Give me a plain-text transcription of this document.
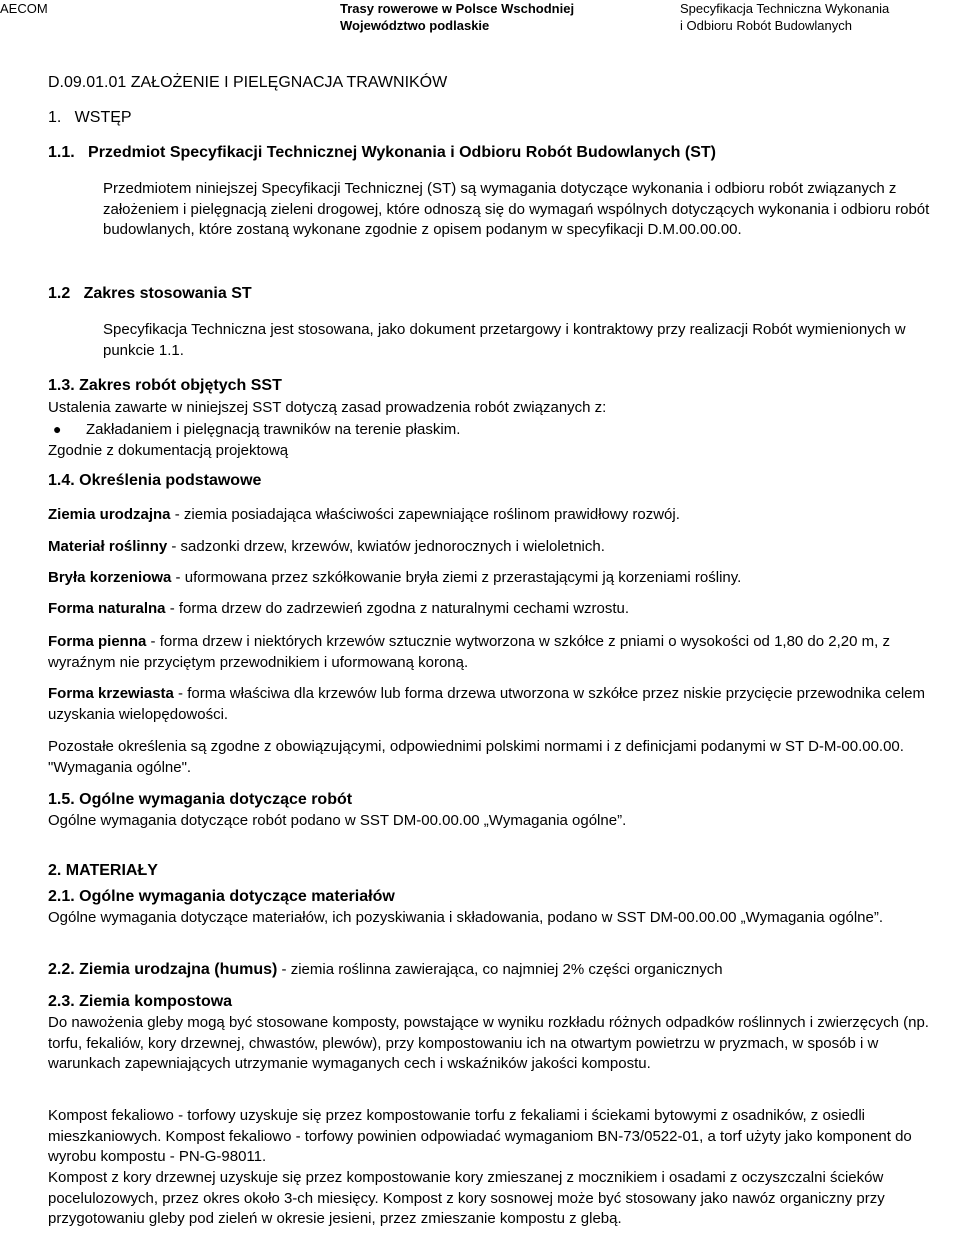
AECOM	Trasy rowerowe w Polsce Wschodniej
Województwo podlaskie
Specyfikacja Techniczna Wykonania
i Odbioru Robót Budowlanych
D.09.01.01 ZAŁOŻENIE I PIELĘGNACJA TRAWNIKÓW
1.   WSTĘP
1.1.   Przedmiot Specyfikacji Technicznej Wykonania i Odbioru Robót Budowlanych (ST)
Przedmiotem niniejszej Specyfikacji Technicznej (ST) są wymagania dotyczące wykonania i odbioru robót związanych z założeniem i pielęgnacją zieleni drogowej, które odnoszą się do wymagań wspólnych dotyczących wykonania i odbioru robót budowlanych, które zostaną wykonane zgodnie z opisem podanym w specyfikacji D.M.00.00.00.
1.2   Zakres stosowania ST
Specyfikacja Techniczna jest stosowana, jako dokument przetargowy i kontraktowy przy realizacji Robót wymienionych w punkcie 1.1.
1.3. Zakres robót objętych SST
Ustalenia zawarte w niniejszej SST dotyczą zasad prowadzenia robót związanych z:
● Zakładaniem i pielęgnacją trawników na terenie płaskim.
Zgodnie z dokumentacją projektową
1.4. Określenia podstawowe
Ziemia urodzajna - ziemia posiadająca właściwości zapewniające roślinom prawidłowy rozwój.
Materiał roślinny - sadzonki drzew, krzewów, kwiatów jednorocznych i wieloletnich.
Bryła korzeniowa - uformowana przez szkółkowanie bryła ziemi z przerastającymi ją korzeniami rośliny.
Forma naturalna - forma drzew do zadrzewień zgodna z naturalnymi cechami wzrostu.
Forma pienna - forma drzew i niektórych krzewów sztucznie wytworzona w szkółce z pniami o wysokości od 1,80 do 2,20 m, z wyraźnym nie przyciętym przewodnikiem i uformowaną koroną.
Forma krzewiasta - forma właściwa dla krzewów lub forma drzewa utworzona w szkółce przez niskie przycięcie przewodnika celem uzyskania wielopędowości.
Pozostałe określenia są zgodne z obowiązującymi, odpowiednimi polskimi normami i z definicjami podanymi w ST D-M-00.00.00. "Wymagania ogólne".
1.5. Ogólne wymagania dotyczące robót
Ogólne wymagania dotyczące robót podano w SST DM-00.00.00 „Wymagania ogólne”.
2. MATERIAŁY
2.1. Ogólne wymagania dotyczące materiałów
Ogólne wymagania dotyczące materiałów, ich pozyskiwania i składowania, podano w SST DM-00.00.00 „Wymagania ogólne”.
2.2. Ziemia urodzajna (humus) - ziemia roślinna zawierająca, co najmniej 2% części organicznych
2.3. Ziemia kompostowa
Do nawożenia gleby mogą być stosowane komposty, powstające w wyniku rozkładu różnych odpadków roślinnych i zwierzęcych (np. torfu, fekaliów, kory drzewnej, chwastów, plewów), przy kompostowaniu ich na otwartym powietrzu w pryzmach, w sposób i w warunkach zapewniających utrzymanie wymaganych cech i wskaźników jakości kompostu.
Kompost fekaliowo - torfowy uzyskuje się przez kompostowanie torfu z fekaliami i ściekami bytowymi z osadników, z osiedli mieszkaniowych. Kompost fekaliowo - torfowy powinien odpowiadać wymaganiom BN-73/0522-01, a torf użyty jako komponent do wyrobu kompostu - PN-G-98011.
Kompost z kory drzewnej uzyskuje się przez kompostowanie kory zmieszanej z mocznikiem i osadami z oczyszczalni ścieków pocelulozowych, przez okres około 3-ch miesięcy. Kompost z kory sosnowej może być stosowany jako nawóz organiczny przy przygotowaniu gleby pod zieleń w okresie jesieni, przez zmieszanie kompostu z glebą.
